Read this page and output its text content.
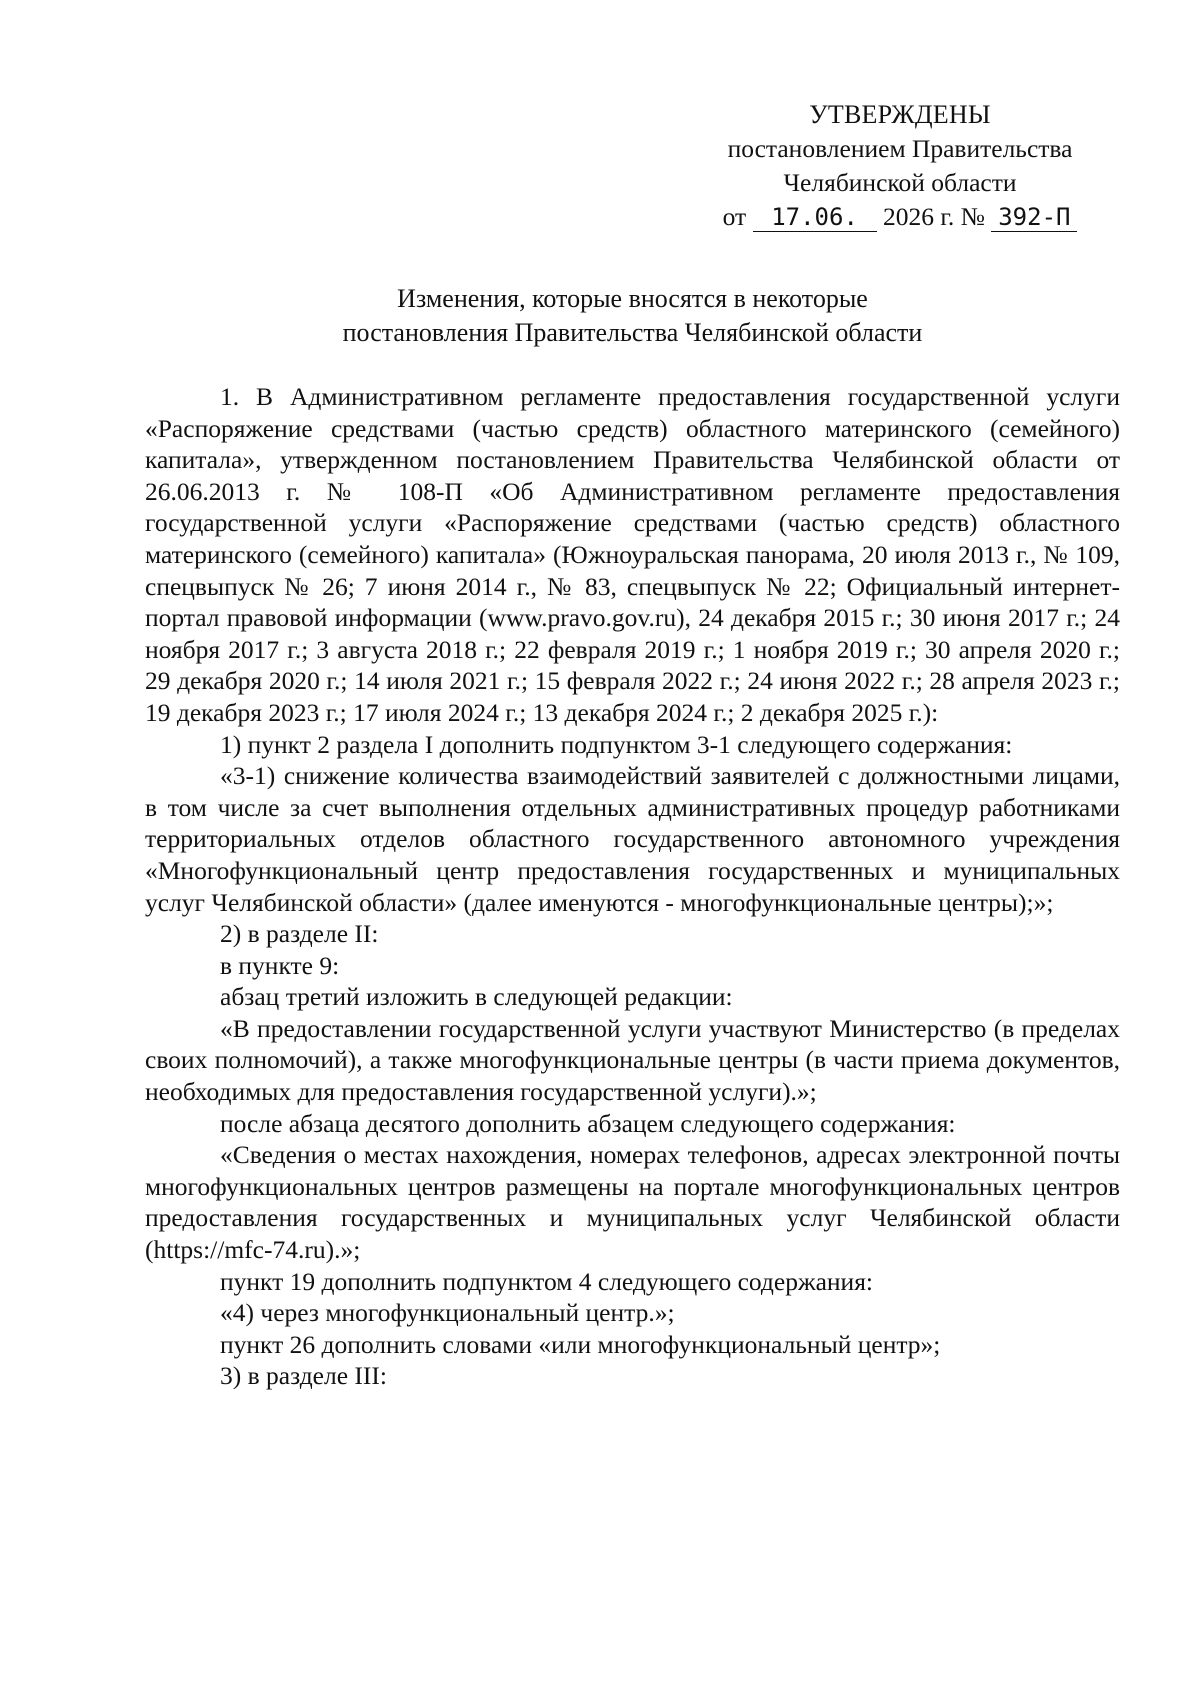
УТВЕРЖДЕНЫ
постановлением Правительства
Челябинской области
от 17.06. 2026 г. № 392-П
Изменения, которые вносятся в некоторые
постановления Правительства Челябинской области

1. В Административном регламенте предоставления государственной услуги «Распоряжение средствами (частью средств) областного материнского (семейного) капитала», утвержденном постановлением Правительства Челябинской области от 26.06.2013 г. № 108-П «Об Административном регламенте предоставления государственной услуги «Распоряжение средствами (частью средств) областного материнского (семейного) капитала» (Южноуральская панорама, 20 июля 2013 г., № 109, спецвыпуск № 26; 7 июня 2014 г., № 83, спецвыпуск № 22; Официальный интернет-портал правовой информации (www.pravo.gov.ru), 24 декабря 2015 г.; 30 июня 2017 г.; 24 ноября 2017 г.; 3 августа 2018 г.; 22 февраля 2019 г.; 1 ноября 2019 г.; 30 апреля 2020 г.; 29 декабря 2020 г.; 14 июля 2021 г.; 15 февраля 2022 г.; 24 июня 2022 г.; 28 апреля 2023 г.; 19 декабря 2023 г.; 17 июля 2024 г.; 13 декабря 2024 г.; 2 декабря 2025 г.):

1) пункт 2 раздела I дополнить подпунктом 3-1 следующего содержания:

«3-1) снижение количества взаимодействий заявителей с должностными лицами, в том числе за счет выполнения отдельных административных процедур работниками территориальных отделов областного государственного автономного учреждения «Многофункциональный центр предоставления государственных и муниципальных услуг Челябинской области» (далее именуются - многофункциональные центры);»;

2) в разделе II:

в пункте 9:

абзац третий изложить в следующей редакции:

«В предоставлении государственной услуги участвуют Министерство (в пределах своих полномочий), а также многофункциональные центры (в части приема документов, необходимых для предоставления государственной услуги).»;

после абзаца десятого дополнить абзацем следующего содержания:

«Сведения о местах нахождения, номерах телефонов, адресах электронной почты многофункциональных центров размещены на портале многофункциональных центров предоставления государственных и муниципальных услуг Челябинской области (https://mfc-74.ru).»;

пункт 19 дополнить подпунктом 4 следующего содержания:

«4) через многофункциональный центр.»;

пункт 26 дополнить словами «или многофункциональный центр»;

3) в разделе III:
